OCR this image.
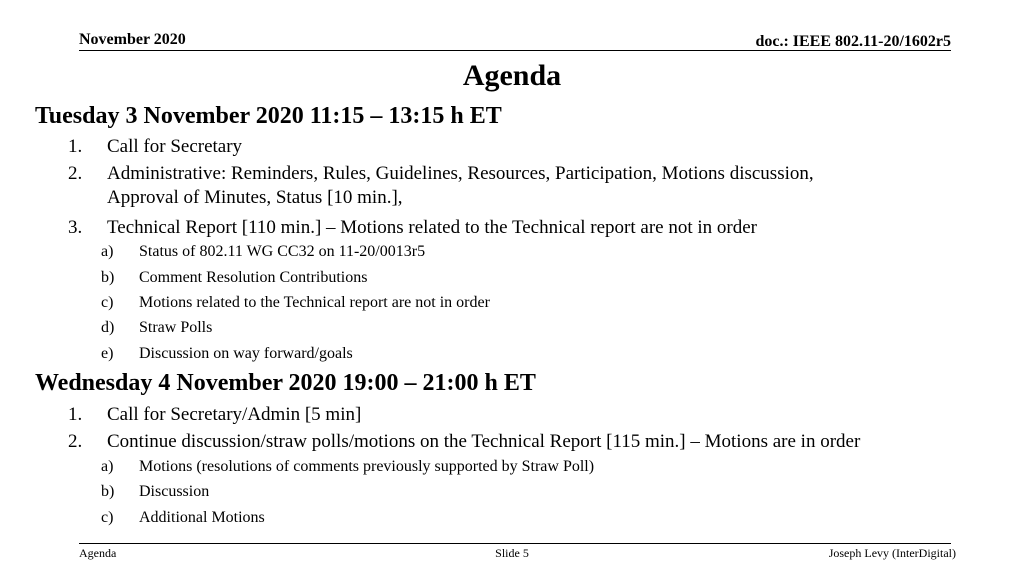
November 2020	doc.: IEEE 802.11-20/1602r5
Agenda
Tuesday 3 November 2020 11:15 – 13:15 h ET
1. Call for Secretary
2. Administrative: Reminders, Rules, Guidelines, Resources, Participation, Motions discussion,
Approval of Minutes, Status [10 min.],
3. Technical Report [110 min.] – Motions related to the Technical report are not in order
a) Status of 802.11 WG CC32 on 11-20/0013r5
b) Comment Resolution Contributions
c) Motions related to the Technical report are not in order
d) Straw Polls
e) Discussion on way forward/goals
Wednesday 4 November 2020 19:00 – 21:00 h ET
1. Call for Secretary/Admin [5 min]
2. Continue discussion/straw polls/motions on the Technical Report [115 min.] – Motions are in order
a) Motions (resolutions of comments previously supported by Straw Poll)
b) Discussion
c) Additional Motions
Agenda	Slide 5	Joseph Levy (InterDigital)
